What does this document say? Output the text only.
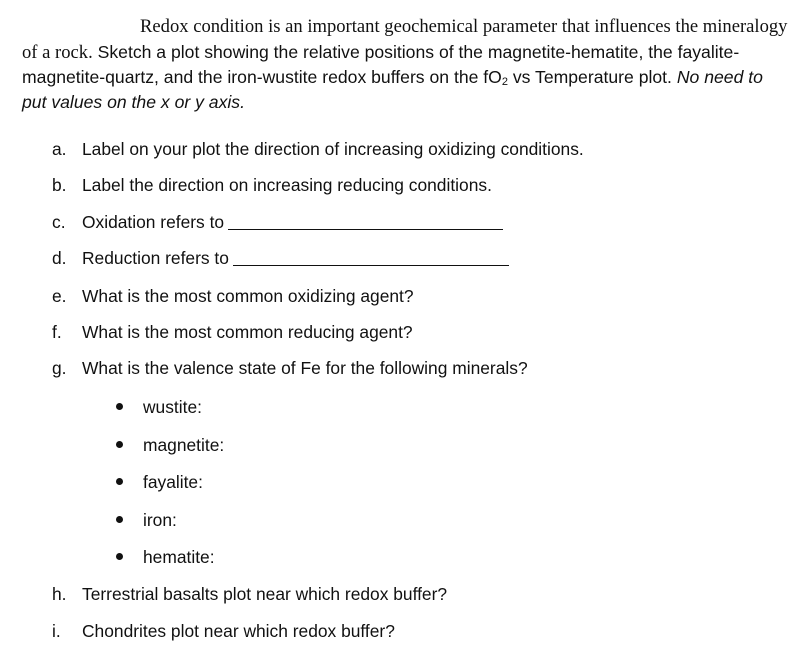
Redox condition is an important geochemical parameter that influences the mineralogy of a rock. Sketch a plot showing the relative positions of the magnetite-hematite, the fayalite-magnetite-quartz, and the iron-wustite redox buffers on the $fO_2$ vs Temperature plot. No need to put values on the x or y axis.
a. Label on your plot the direction of increasing oxidizing conditions.
b. Label the direction on increasing reducing conditions.
c. Oxidation refers to
d. Reduction refers to
e. What is the most common oxidizing agent?
f. What is the most common reducing agent?
g. What is the valence state of Fe for the following minerals?
wustite:
magnetite:
fayalite:
iron:
hematite:
h. Terrestrial basalts plot near which redox buffer?
i. Chondrites plot near which redox buffer?
